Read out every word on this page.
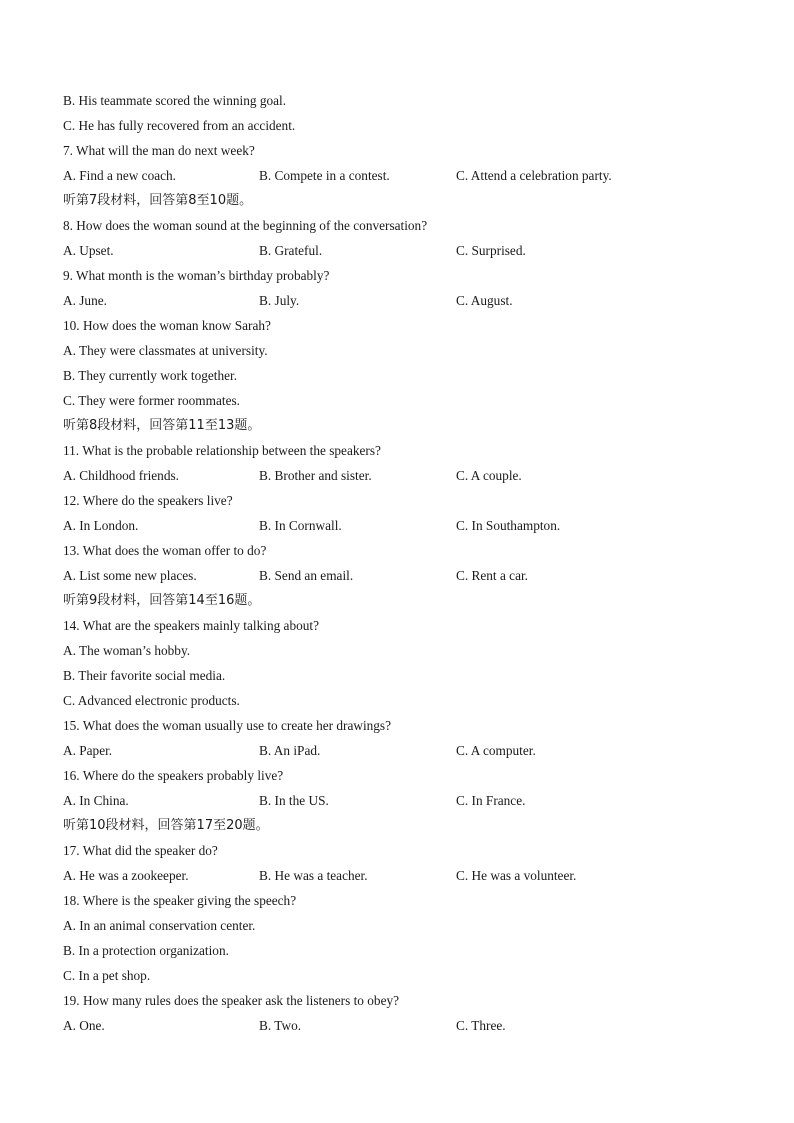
B. His teammate scored the winning goal.
C. He has fully recovered from an accident.
7. What will the man do next week?
A. Find a new coach.	B. Compete in a contest.	C. Attend a celebration party.
听第7段材料，回答第8至10题。
8. How does the woman sound at the beginning of the conversation?
A. Upset.	B. Grateful.	C. Surprised.
9. What month is the woman’s birthday probably?
A. June.	B. July.	C. August.
10. How does the woman know Sarah?
A. They were classmates at university.
B. They currently work together.
C. They were former roommates.
听第8段材料，回答第11至13题。
11. What is the probable relationship between the speakers?
A. Childhood friends.	B. Brother and sister.	C. A couple.
12. Where do the speakers live?
A. In London.	B. In Cornwall.	C. In Southampton.
13. What does the woman offer to do?
A. List some new places.	B. Send an email.	C. Rent a car.
听第9段材料，回答第14至16题。
14. What are the speakers mainly talking about?
A. The woman’s hobby.
B. Their favorite social media.
C. Advanced electronic products.
15. What does the woman usually use to create her drawings?
A. Paper.	B. An iPad.	C. A computer.
16. Where do the speakers probably live?
A. In China.	B. In the US.	C. In France.
听第10段材料，回答第17至20题。
17. What did the speaker do?
A. He was a zookeeper.	B. He was a teacher.	C. He was a volunteer.
18. Where is the speaker giving the speech?
A. In an animal conservation center.
B. In a protection organization.
C. In a pet shop.
19. How many rules does the speaker ask the listeners to obey?
A. One.	B. Two.	C. Three.
